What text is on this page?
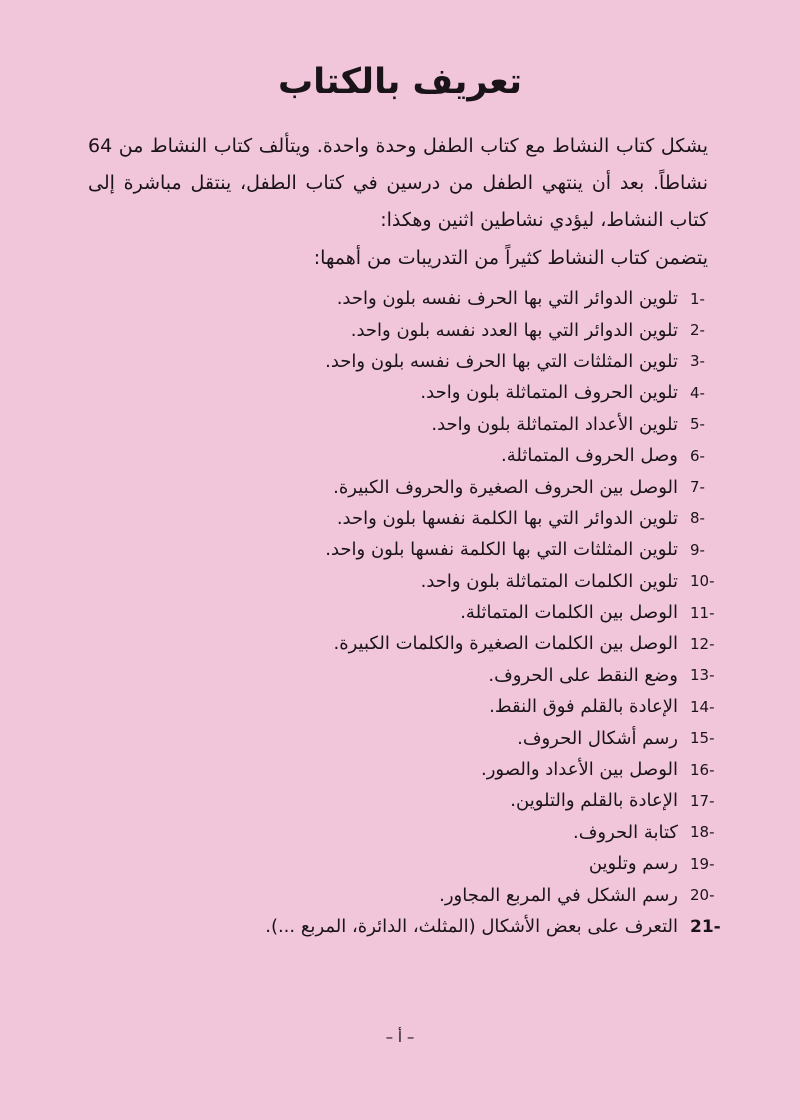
تعريف بالكتاب

يشكل كتاب النشاط مع كتاب الطفل وحدة واحدة. ويتألف كتاب النشاط من 64 نشاطاً. بعد أن ينتهي الطفل من درسين في كتاب الطفل، ينتقل مباشرة إلى كتاب النشاط، ليؤدي نشاطين اثنين وهكذا:

يتضمن كتاب النشاط كثيراً من التدريبات من أهمها:

1-
تلوين الدوائر التي بها الحرف نفسه بلون واحد.
2-
تلوين الدوائر التي بها العدد نفسه بلون واحد.
3-
تلوين المثلثات التي بها الحرف نفسه بلون واحد.
4-
تلوين الحروف المتماثلة بلون واحد.
5-
تلوين الأعداد المتماثلة بلون واحد.
6-
وصل الحروف المتماثلة.
7-
الوصل بين الحروف الصغيرة والحروف الكبيرة.
8-
تلوين الدوائر التي بها الكلمة نفسها بلون واحد.
9-
تلوين المثلثات التي بها الكلمة نفسها بلون واحد.
10-
تلوين الكلمات المتماثلة بلون واحد.
11-
الوصل بين الكلمات المتماثلة.
12-
الوصل بين الكلمات الصغيرة والكلمات الكبيرة.
13-
وضع النقط على الحروف.
14-
الإعادة بالقلم فوق النقط.
15-
رسم أشكال الحروف.
16-
الوصل بين الأعداد والصور.
17-
الإعادة بالقلم والتلوين.
18-
كتابة الحروف.
19-
رسم وتلوين
20-
رسم الشكل في المربع المجاور.
21-
التعرف على بعض الأشكال (المثلث، الدائرة، المربع ...).

– أ –
